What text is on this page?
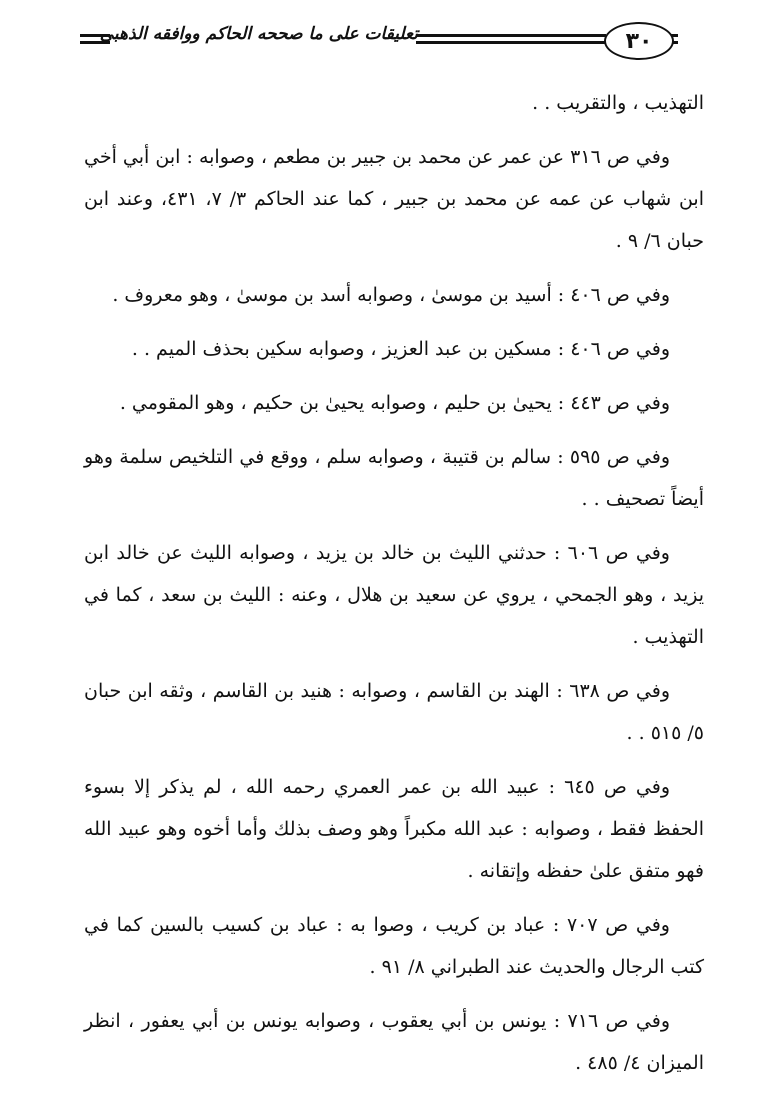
تعليقات على ما صححه الحاكم ووافقه الذهبي	٣٠

التهذيب ، والتقريب . .

وفي ص ٣١٦ عن عمر عن محمد بن جبير بن مطعم ، وصوابه : ابن أبي أخي ابن شهاب عن عمه عن محمد بن جبير ، كما عند الحاكم ٣/ ٧، ٤٣١، وعند ابن حبان ٦/ ٩ .

وفي ص ٤٠٦ : أسيد بن موسىٰ ، وصوابه أسد بن موسىٰ ، وهو معروف .

وفي ص ٤٠٦ : مسكين بن عبد العزيز ، وصوابه سكين بحذف الميم . .

وفي ص ٤٤٣ : يحيىٰ بن حليم ، وصوابه يحيىٰ بن حكيم ، وهو المقومي .

وفي ص ٥٩٥ : سالم بن قتيبة ، وصوابه سلم ، ووقع في التلخيص سلمة وهو أيضاً تصحيف . .

وفي ص ٦٠٦ : حدثني الليث بن خالد بن يزيد ، وصوابه الليث عن خالد ابن يزيد ، وهو الجمحي ، يروي عن سعيد بن هلال ، وعنه : الليث بن سعد ، كما في التهذيب .

وفي ص ٦٣٨ : الهند بن القاسم ، وصوابه : هنيد بن القاسم ، وثقه ابن حبان ٥/ ٥١٥ . .

وفي ص ٦٤٥ : عبيد الله بن عمر العمري رحمه الله ، لم يذكر إلا بسوء الحفظ فقط ، وصوابه : عبد الله مكبراً وهو وصف بذلك وأما أخوه وهو عبيد الله فهو متفق علىٰ حفظه وإتقانه .

وفي ص ٧٠٧ : عباد بن كريب ، وصوا به : عباد بن كسيب بالسين كما في كتب الرجال والحديث عند الطبراني ٨/ ٩١ .

وفي ص ٧١٦ : يونس بن أبي يعقوب ، وصوابه يونس بن أبي يعفور ، انظر الميزان ٤/ ٤٨٥ .
